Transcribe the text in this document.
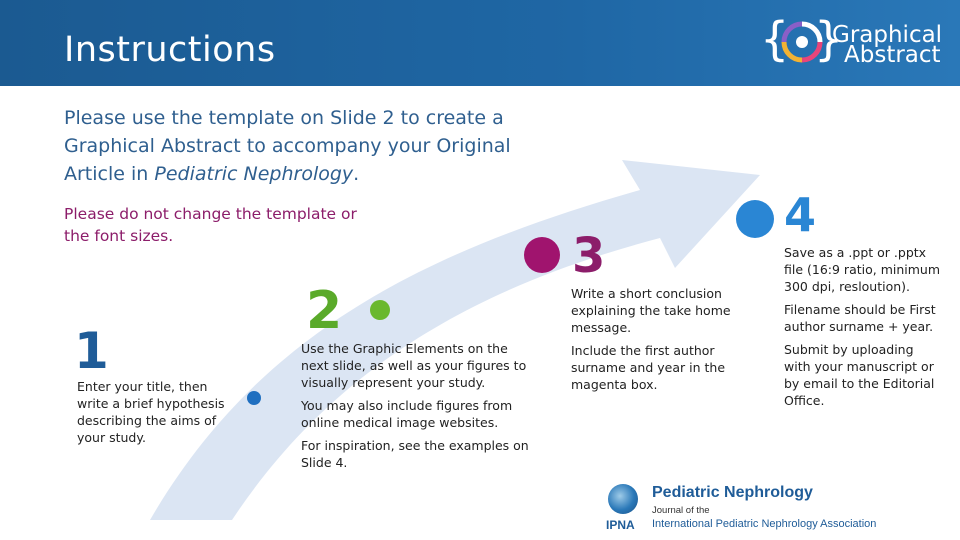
Instructions	{ }
Graphical
Abstract
Please use the template on Slide 2 to create a Graphical Abstract to accompany your Original Article in Pediatric Nephrology.
Please do not change the template or the font sizes.
1

Enter your title, then write a brief hypothesis describing the aims of your study.

2

Use the Graphic Elements on the next slide, as well as your figures to visually represent your study.

You may also include figures from online medical image websites.

For inspiration, see the examples on Slide 4.

3

Write a short conclusion explaining the take home message.

Include the first author surname and year in the magenta box.

4

Save as a .ppt or .pptx file (16:9 ratio, minimum 300 dpi, reslоution).

Filename should be First author surname + year.

Submit by uploading with your manuscript or by email to the Editorial Office.

IPNA
Pediatric Nephrology
Journal of the
International Pediatric Nephrology Association
